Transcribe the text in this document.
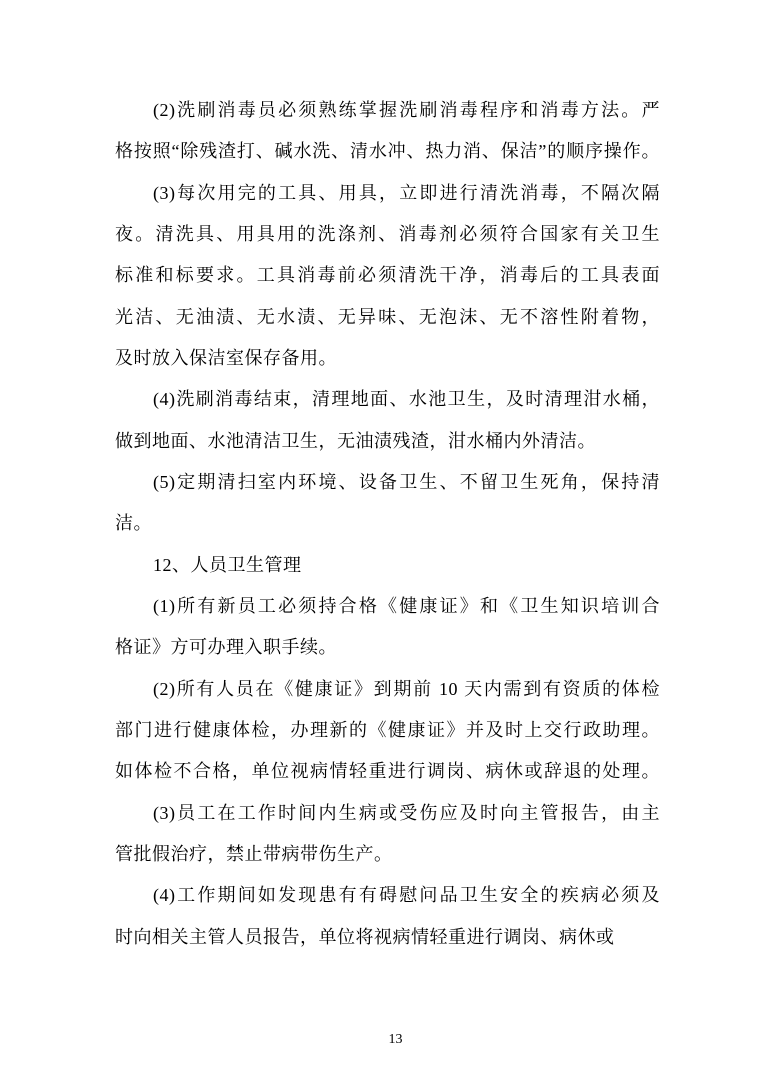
(2)洗刷消毒员必须熟练掌握洗刷消毒程序和消毒方法。严
格按照“除残渣打、碱水洗、清水冲、热力消、保洁”的顺序操作。
(3)每次用完的工具、用具，立即进行清洗消毒，不隔次隔
夜。清洗具、用具用的洗涤剂、消毒剂必须符合国家有关卫生
标准和标要求。工具消毒前必须清洗干净，消毒后的工具表面
光洁、无油渍、无水渍、无异味、无泡沫、无不溶性附着物，
及时放入保洁室保存备用。
(4)洗刷消毒结束，清理地面、水池卫生，及时清理泔水桶，
做到地面、水池清洁卫生，无油渍残渣，泔水桶内外清洁。
(5)定期清扫室内环境、设备卫生、不留卫生死角，保持清
洁。
12、人员卫生管理
(1)所有新员工必须持合格《健康证》和《卫生知识培训合
格证》方可办理入职手续。
(2)所有人员在《健康证》到期前 10 天内需到有资质的体检
部门进行健康体检，办理新的《健康证》并及时上交行政助理。
如体检不合格，单位视病情轻重进行调岗、病休或辞退的处理。
(3)员工在工作时间内生病或受伤应及时向主管报告，由主
管批假治疗，禁止带病带伤生产。
(4)工作期间如发现患有有碍慰问品卫生安全的疾病必须及
时向相关主管人员报告，单位将视病情轻重进行调岗、病休或
13
